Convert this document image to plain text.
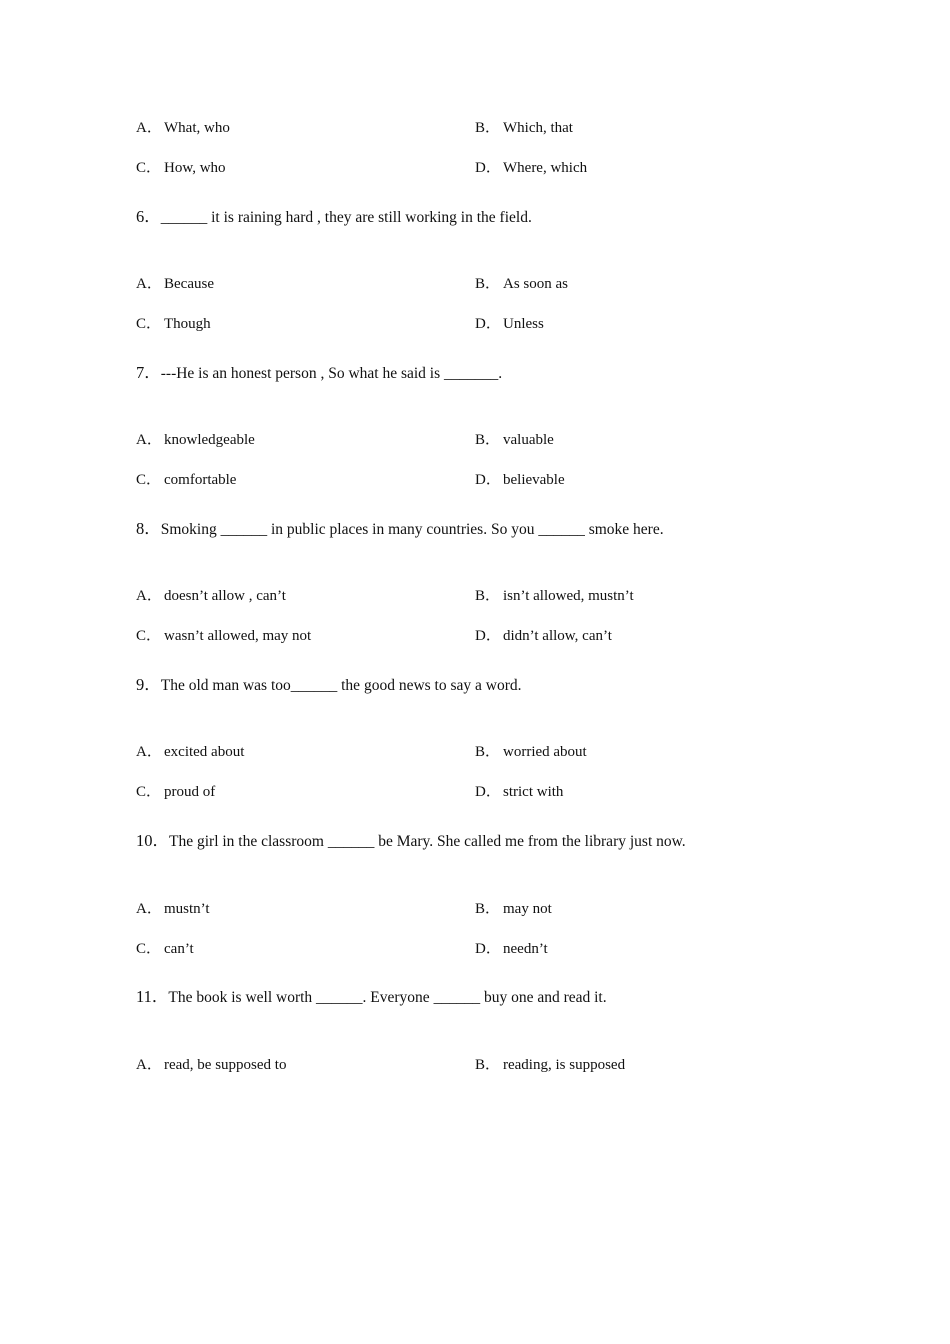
A． What, who	B． Which, that
C． How, who	D． Where, which
6．______ it is raining hard , they are still working in the field.
A． Because	B． As soon as
C． Though	D． Unless
7．---He is an honest person , So what he said is _______.
A． knowledgeable	B． valuable
C． comfortable	D． believable
8．Smoking ______ in public places in many countries. So you ______ smoke here.
A． doesn’t allow , can’t	B． isn’t allowed, mustn’t
C． wasn’t allowed, may not	D． didn’t allow, can’t
9．The old man was too______ the good news to say a word.
A． excited about	B． worried about
C． proud of	D． strict with
10．The girl in the classroom ______ be Mary. She called me from the library just now.
A． mustn’t	B． may not
C． can’t	D． needn’t
11．The book is well worth ______. Everyone ______ buy one and read it.
A． read, be supposed to	B． reading, is supposed
